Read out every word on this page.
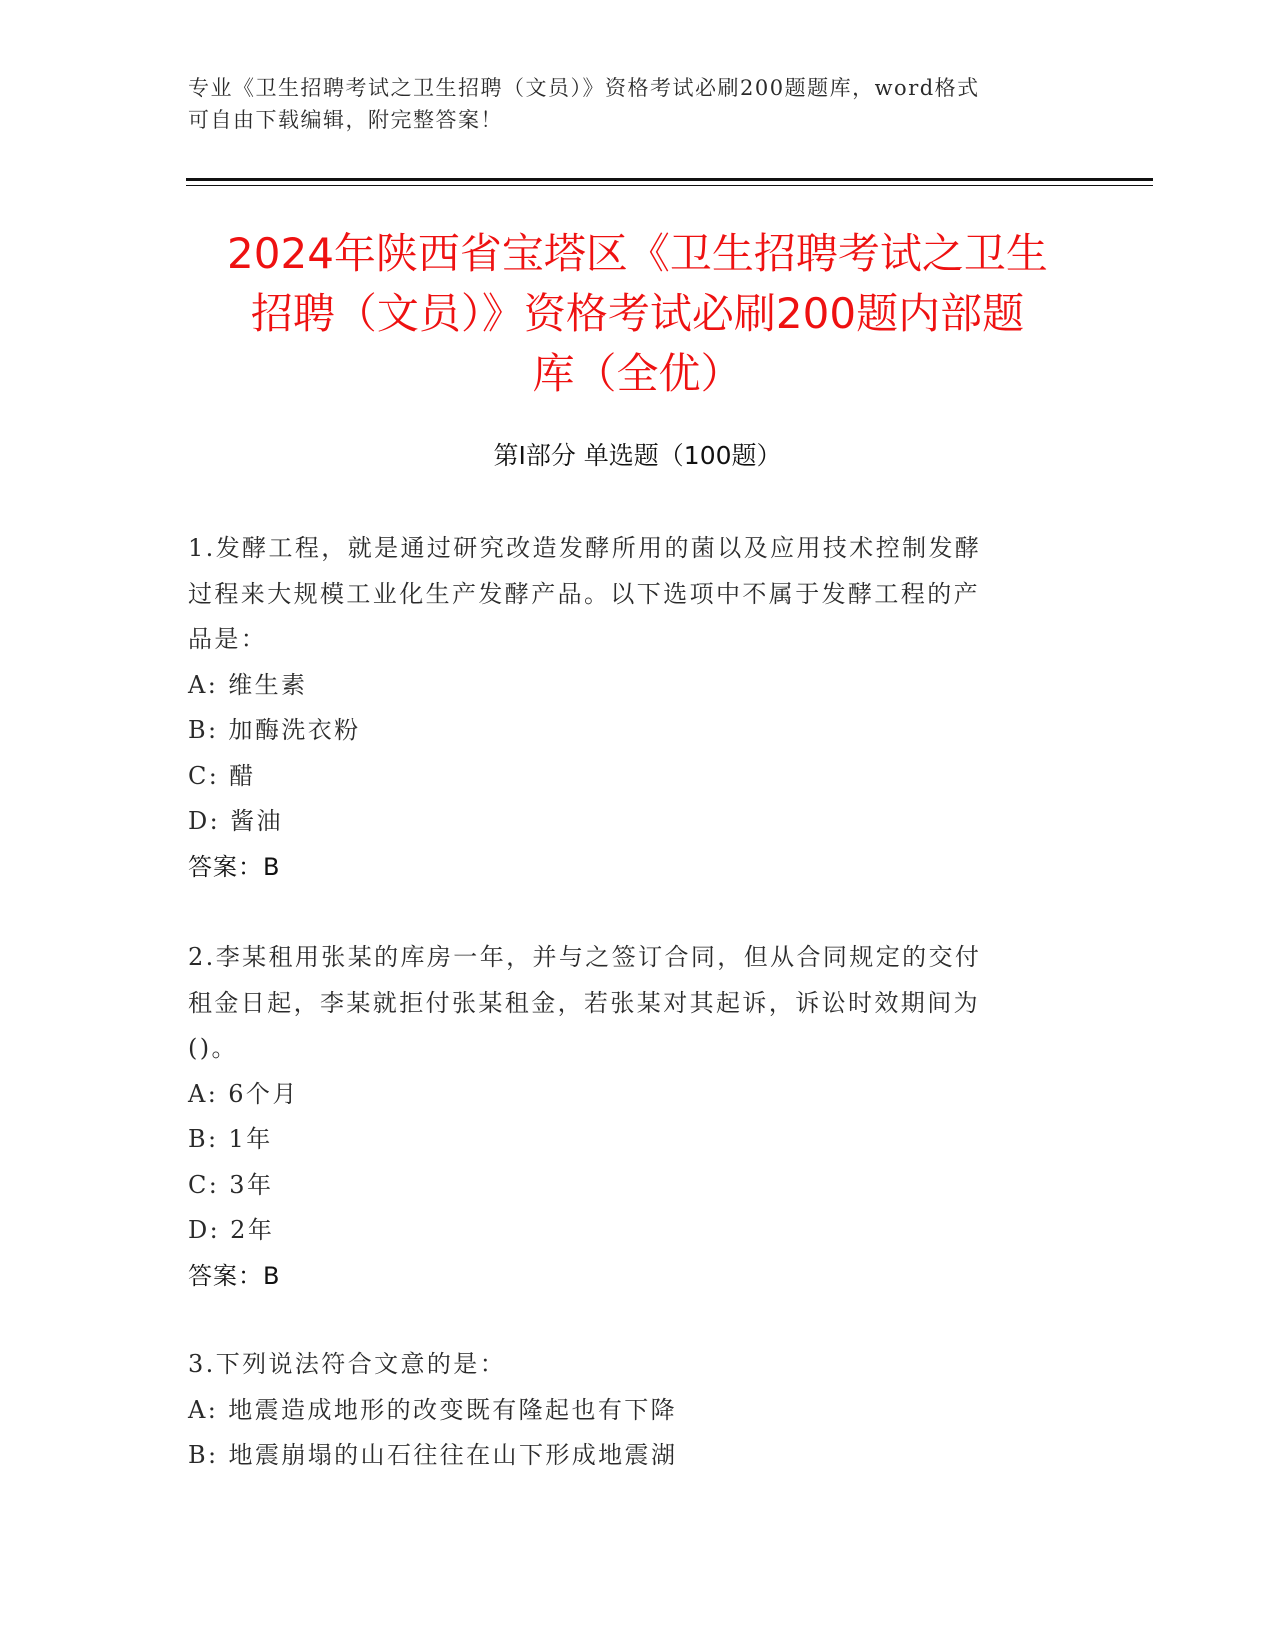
专业《卫生招聘考试之卫生招聘（文员）》资格考试必刷200题题库，word格式
可自由下载编辑，附完整答案！
2024年陕西省宝塔区《卫生招聘考试之卫生
招聘（文员）》资格考试必刷200题内部题
库（全优）
第Ⅰ部分 单选题（100题）
1.发酵工程，就是通过研究改造发酵所用的菌以及应用技术控制发酵
过程来大规模工业化生产发酵产品。以下选项中不属于发酵工程的产
品是：
A: 维生素
B: 加酶洗衣粉
C: 醋
D: 酱油
答案：B
2.李某租用张某的库房一年，并与之签订合同，但从合同规定的交付
租金日起，李某就拒付张某租金，若张某对其起诉，诉讼时效期间为
()。
A: 6个月
B: 1年
C: 3年
D: 2年
答案：B
3.下列说法符合文意的是：
A: 地震造成地形的改变既有隆起也有下降
B: 地震崩塌的山石往往在山下形成地震湖
